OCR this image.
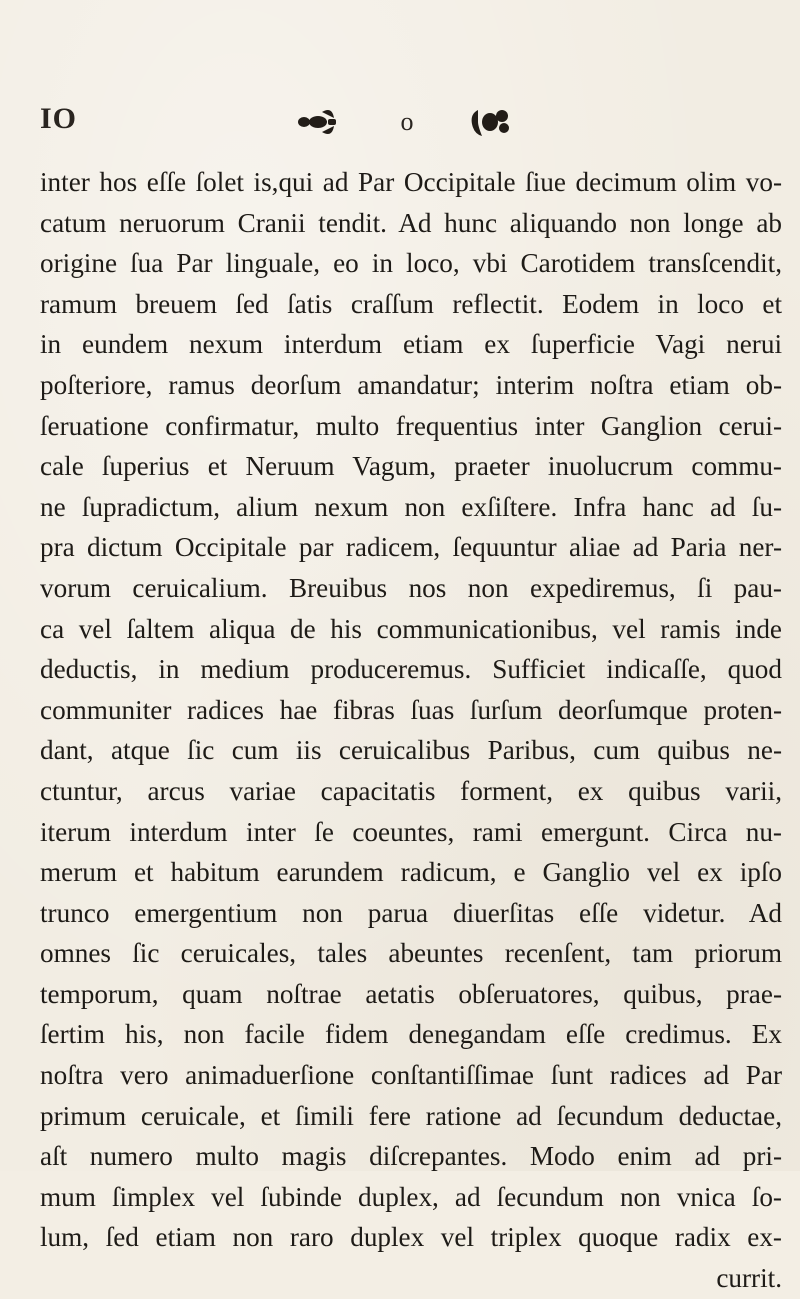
IO	o
inter hos eſſe ſolet is,qui ad Par Occipitale ſiue decimum olim vo-
catum neruorum Cranii tendit. Ad hunc aliquando non longe ab
origine ſua Par linguale, eo in loco, vbi Carotidem transſcendit,
ramum breuem ſed ſatis craſſum reflectit. Eodem in loco et
in eundem nexum interdum etiam ex ſuperficie Vagi nerui
poſteriore, ramus deorſum amandatur; interim noſtra etiam ob-
ſeruatione confirmatur, multo frequentius inter Ganglion cerui-
cale ſuperius et Neruum Vagum, praeter inuolucrum commu-
ne ſupradictum, alium nexum non exſiſtere. Infra hanc ad ſu-
pra dictum Occipitale par radicem, ſequuntur aliae ad Paria ner-
vorum ceruicalium. Breuibus nos non expediremus, ſi pau-
ca vel ſaltem aliqua de his communicationibus, vel ramis inde
deductis, in medium produceremus. Sufficiet indicaſſe, quod
communiter radices hae fibras ſuas ſurſum deorſumque proten-
dant, atque ſic cum iis ceruicalibus Paribus, cum quibus ne-
ctuntur, arcus variae capacitatis forment, ex quibus varii,
iterum interdum inter ſe coeuntes, rami emergunt. Circa nu-
merum et habitum earundem radicum, e Ganglio vel ex ipſo
trunco emergentium non parua diuerſitas eſſe videtur. Ad
omnes ſic ceruicales, tales abeuntes recenſent, tam priorum
temporum, quam noſtrae aetatis obſeruatores, quibus, prae-
ſertim his, non facile fidem denegandam eſſe credimus. Ex
noſtra vero animaduerſione conſtantiſſimae ſunt radices ad Par
primum ceruicale, et ſimili fere ratione ad ſecundum deductae,
aſt numero multo magis diſcrepantes. Modo enim ad pri-
mum ſimplex vel ſubinde duplex, ad ſecundum non vnica ſo-
lum, ſed etiam non raro duplex vel triplex quoque radix ex-
currit.
